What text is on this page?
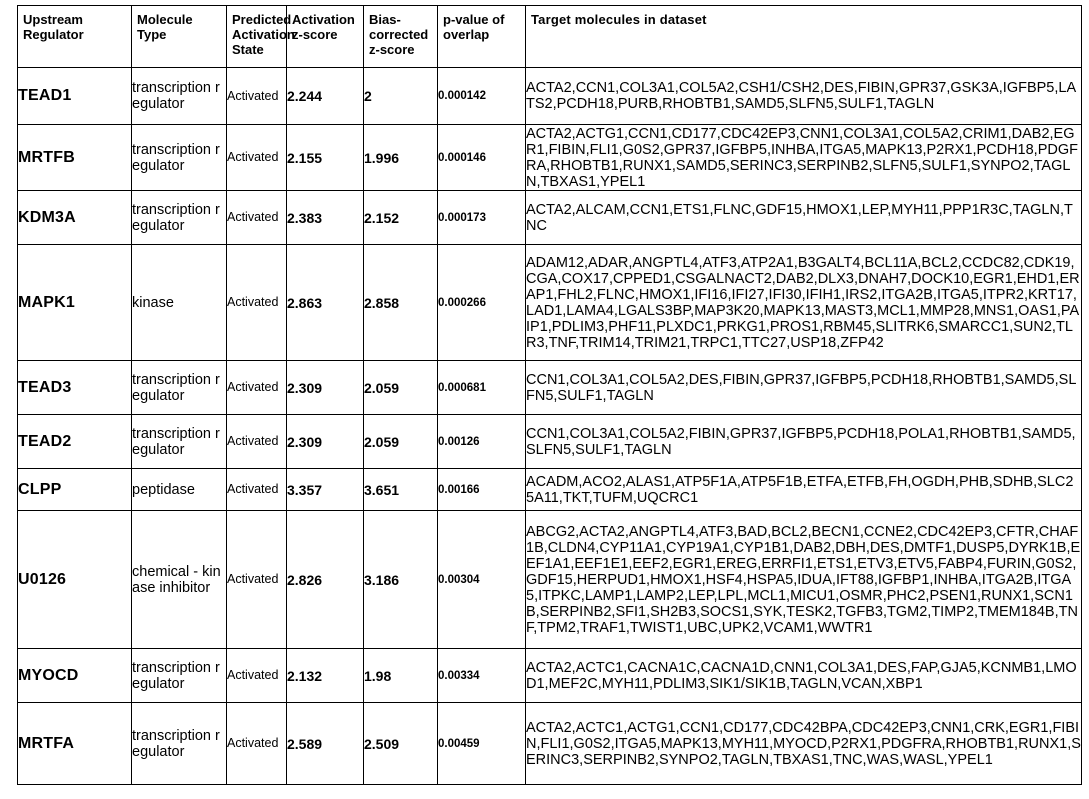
Upstream Regulator	Molecule Type	Predicted Activation State	Activation z-score	Bias-corrected z-score	p-value of overlap	Target molecules in dataset
TEAD1	transcription regulator	Activated	2.244	2	0.000142	ACTA2,CCN1,COL3A1,COL5A2,CSH1/CSH2,DES,FIBIN,GPR37,GSK3A,IGFBP5,LATS2,PCDH18,PURB,RHOBTB1,SAMD5,SLFN5,SULF1,TAGLN
MRTFB	transcription regulator	Activated	2.155	1.996	0.000146	ACTA2,ACTG1,CCN1,CD177,CDC42EP3,CNN1,COL3A1,COL5A2,CRIM1,DAB2,EGR1,FIBIN,FLI1,G0S2,GPR37,IGFBP5,INHBA,ITGA5,MAPK13,P2RX1,PCDH18,PDGFRA,RHOBTB1,RUNX1,SAMD5,SERINC3,SERPINB2,SLFN5,SULF1,SYNPO2,TAGLN,TBXAS1,YPEL1
KDM3A	transcription regulator	Activated	2.383	2.152	0.000173	ACTA2,ALCAM,CCN1,ETS1,FLNC,GDF15,HMOX1,LEP,MYH11,PPP1R3C,TAGLN,TNC
MAPK1	kinase	Activated	2.863	2.858	0.000266	ADAM12,ADAR,ANGPTL4,ATF3,ATP2A1,B3GALT4,BCL11A,BCL2,CCDC82,CDK19,CGA,COX17,CPPED1,CSGALNACT2,DAB2,DLX3,DNAH7,DOCK10,EGR1,EHD1,ERAP1,FHL2,FLNC,HMOX1,IFI16,IFI27,IFI30,IFIH1,IRS2,ITGA2B,ITGA5,ITPR2,KRT17,LAD1,LAMA4,LGALS3BP,MAP3K20,MAPK13,MAST3,MCL1,MMP28,MNS1,OAS1,PAIP1,PDLIM3,PHF11,PLXDC1,PRKG1,PROS1,RBM45,SLITRK6,SMARCC1,SUN2,TLR3,TNF,TRIM14,TRIM21,TRPC1,TTC27,USP18,ZFP42
TEAD3	transcription regulator	Activated	2.309	2.059	0.000681	CCN1,COL3A1,COL5A2,DES,FIBIN,GPR37,IGFBP5,PCDH18,RHOBTB1,SAMD5,SLFN5,SULF1,TAGLN
TEAD2	transcription regulator	Activated	2.309	2.059	0.00126	CCN1,COL3A1,COL5A2,FIBIN,GPR37,IGFBP5,PCDH18,POLA1,RHOBTB1,SAMD5,SLFN5,SULF1,TAGLN
CLPP	peptidase	Activated	3.357	3.651	0.00166	ACADM,ACO2,ALAS1,ATP5F1A,ATP5F1B,ETFA,ETFB,FH,OGDH,PHB,SDHB,SLC25A11,TKT,TUFM,UQCRC1
U0126	chemical - kinase inhibitor	Activated	2.826	3.186	0.00304	ABCG2,ACTA2,ANGPTL4,ATF3,BAD,BCL2,BECN1,CCNE2,CDC42EP3,CFTR,CHAF1B,CLDN4,CYP11A1,CYP19A1,CYP1B1,DAB2,DBH,DES,DMTF1,DUSP5,DYRK1B,EEF1A1,EEF1E1,EEF2,EGR1,EREG,ERRFI1,ETS1,ETV3,ETV5,FABP4,FURIN,G0S2,GDF15,HERPUD1,HMOX1,HSF4,HSPA5,IDUA,IFT88,IGFBP1,INHBA,ITGA2B,ITGA5,ITPKC,LAMP1,LAMP2,LEP,LPL,MCL1,MICU1,OSMR,PHC2,PSEN1,RUNX1,SCN1B,SERPINB2,SFI1,SH2B3,SOCS1,SYK,TESK2,TGFB3,TGM2,TIMP2,TMEM184B,TNF,TPM2,TRAF1,TWIST1,UBC,UPK2,VCAM1,WWTR1
MYOCD	transcription regulator	Activated	2.132	1.98	0.00334	ACTA2,ACTC1,CACNA1C,CACNA1D,CNN1,COL3A1,DES,FAP,GJA5,KCNMB1,LMOD1,MEF2C,MYH11,PDLIM3,SIK1/SIK1B,TAGLN,VCAN,XBP1
MRTFA	transcription regulator	Activated	2.589	2.509	0.00459	ACTA2,ACTC1,ACTG1,CCN1,CD177,CDC42BPA,CDC42EP3,CNN1,CRK,EGR1,FIBIN,FLI1,G0S2,ITGA5,MAPK13,MYH11,MYOCD,P2RX1,PDGFRA,RHOBTB1,RUNX1,SERINC3,SERPINB2,SYNPO2,TAGLN,TBXAS1,TNC,WAS,WASL,YPEL1
